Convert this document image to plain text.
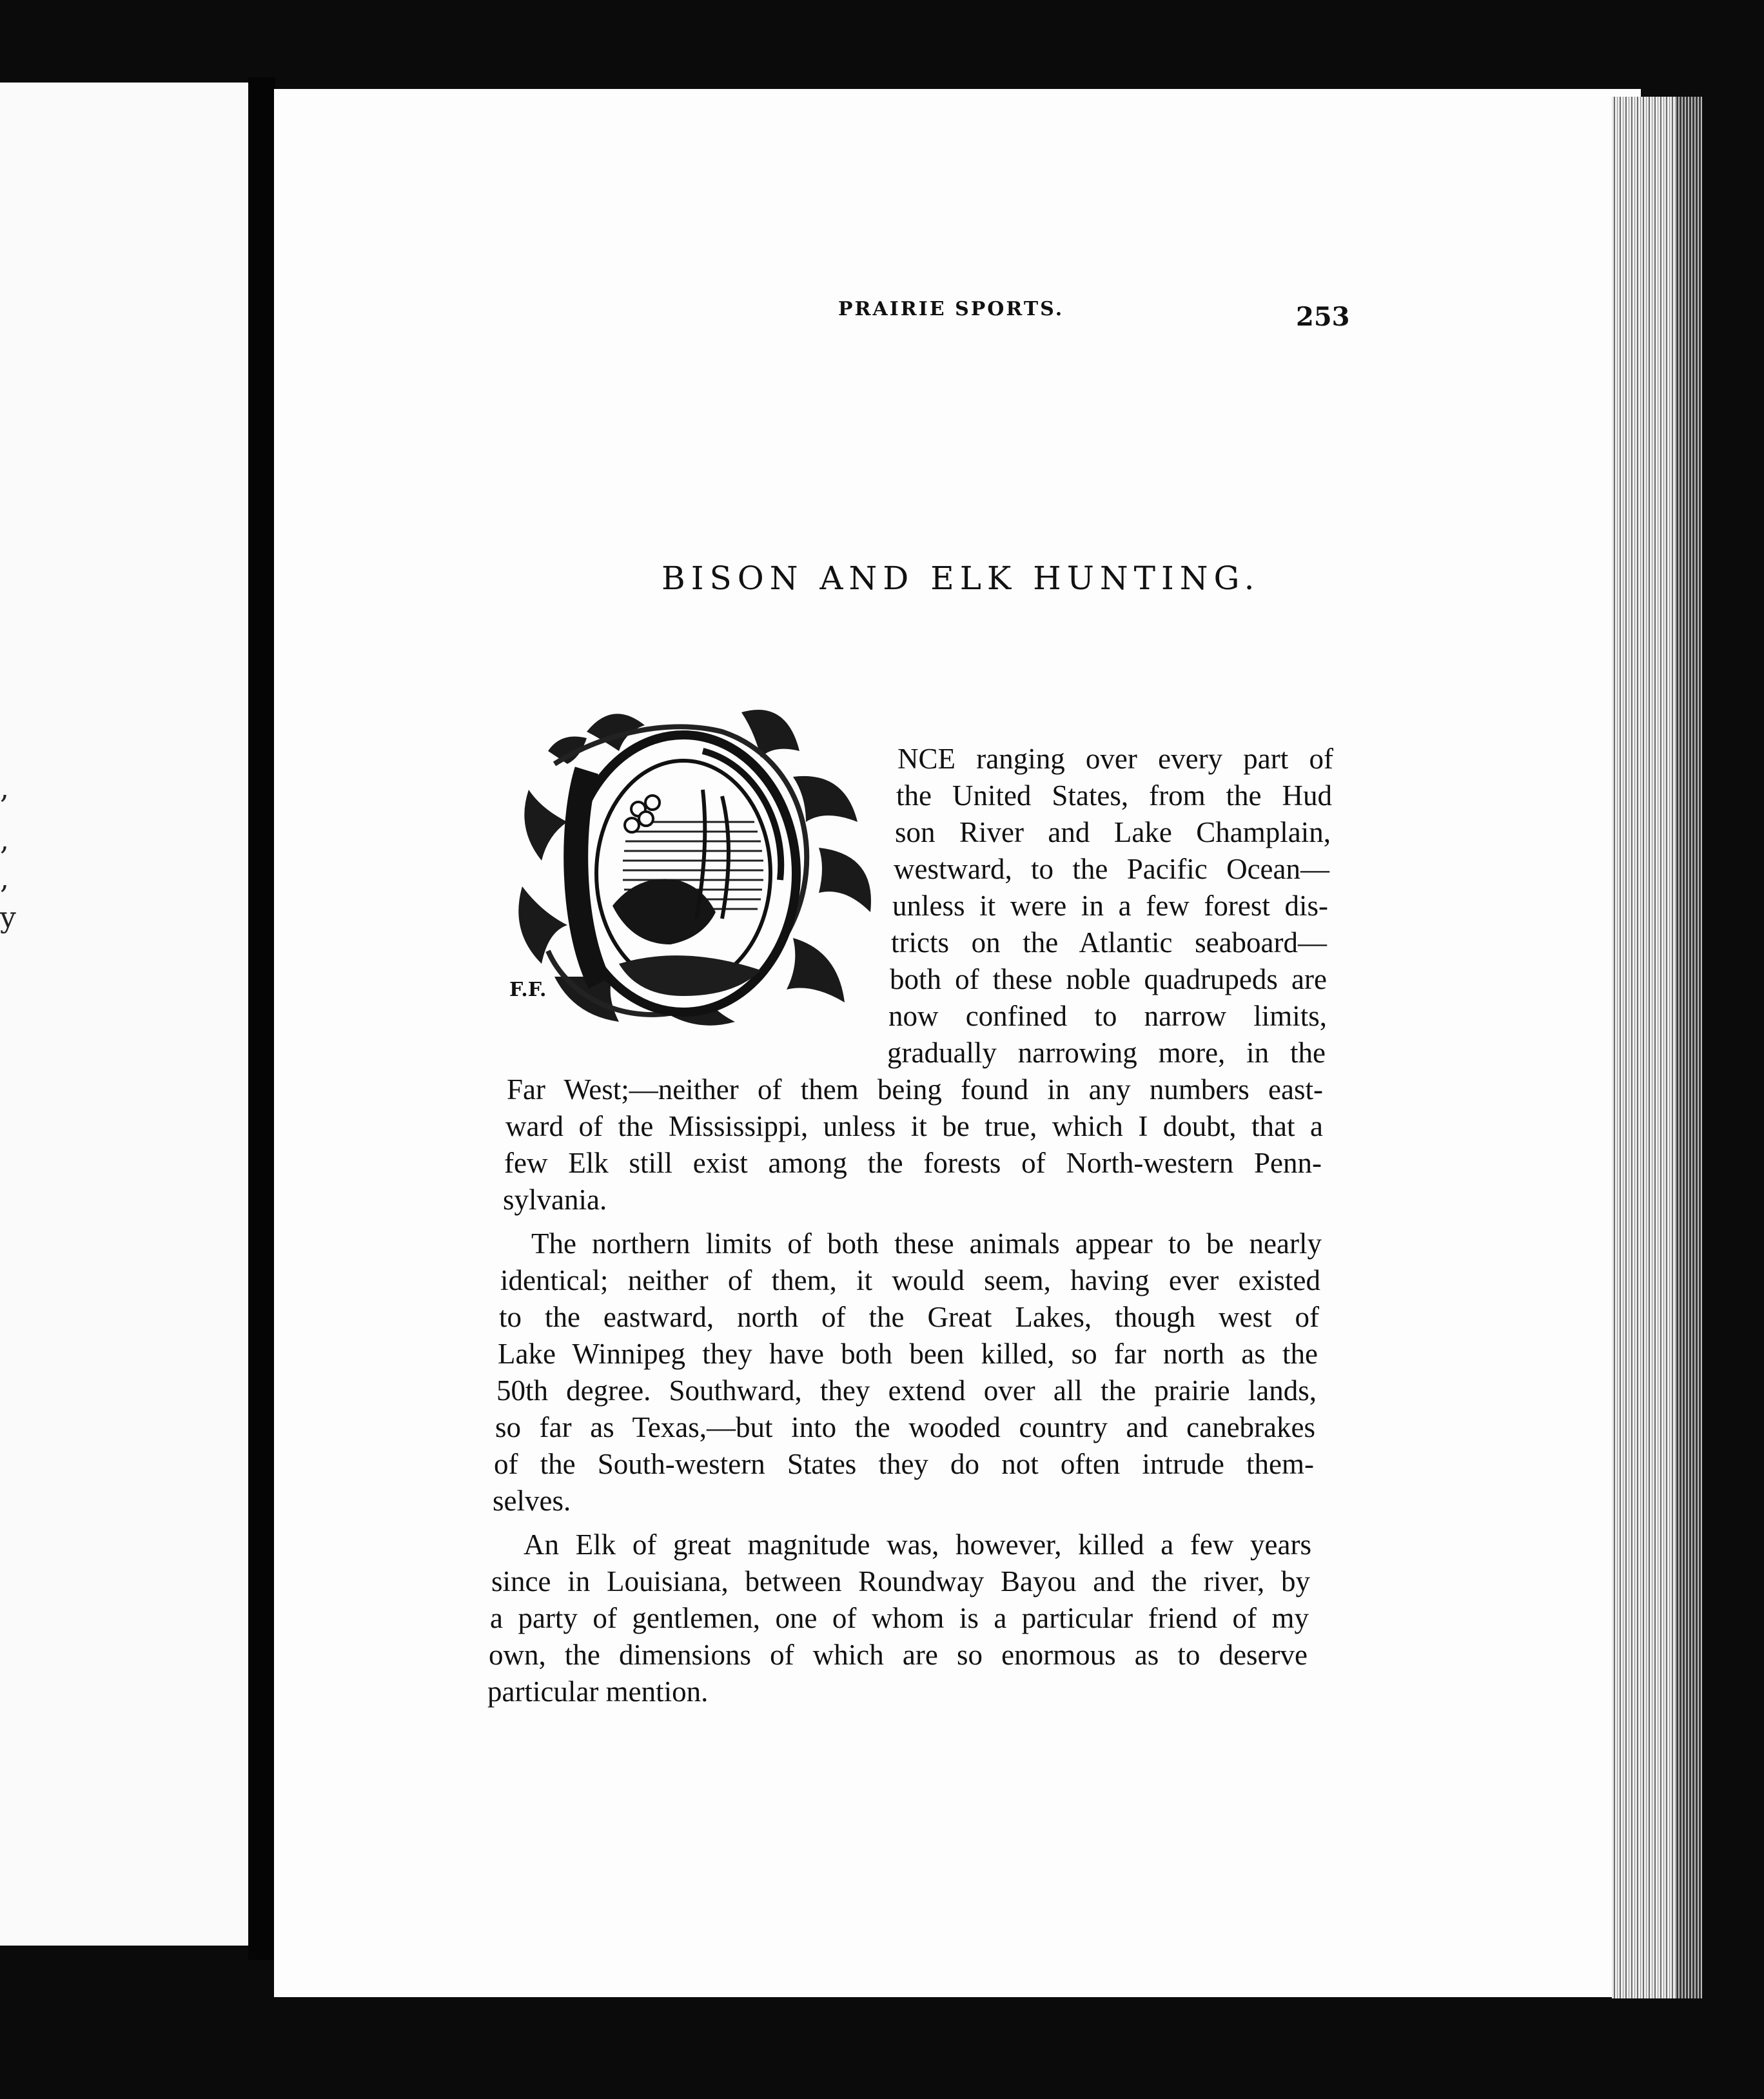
,
,
,
y
PRAIRIE SPORTS.	253
BISON AND ELK HUNTING.
F.F.
NCE ranging over every part of
the United States, from the Hud
son River and Lake Champlain,
westward, to the Pacific Ocean—
unless it were in a few forest dis-
tricts on the Atlantic seaboard—
both of these noble quadrupeds are
now confined to narrow limits,
gradually narrowing more, in the
Far West;—neither of them being found in any numbers east-
ward of the Mississippi, unless it be true, which I doubt, that a
few Elk still exist among the forests of North-western Penn-
sylvania.
The northern limits of both these animals appear to be nearly
identical; neither of them, it would seem, having ever existed
to the eastward, north of the Great Lakes, though west of
Lake Winnipeg they have both been killed, so far north as the
50th degree. Southward, they extend over all the prairie lands,
so far as Texas,—but into the wooded country and canebrakes
of the South-western States they do not often intrude them-
selves.
An Elk of great magnitude was, however, killed a few years
since in Louisiana, between Roundway Bayou and the river, by
a party of gentlemen, one of whom is a particular friend of my
own, the dimensions of which are so enormous as to deserve
particular mention.
